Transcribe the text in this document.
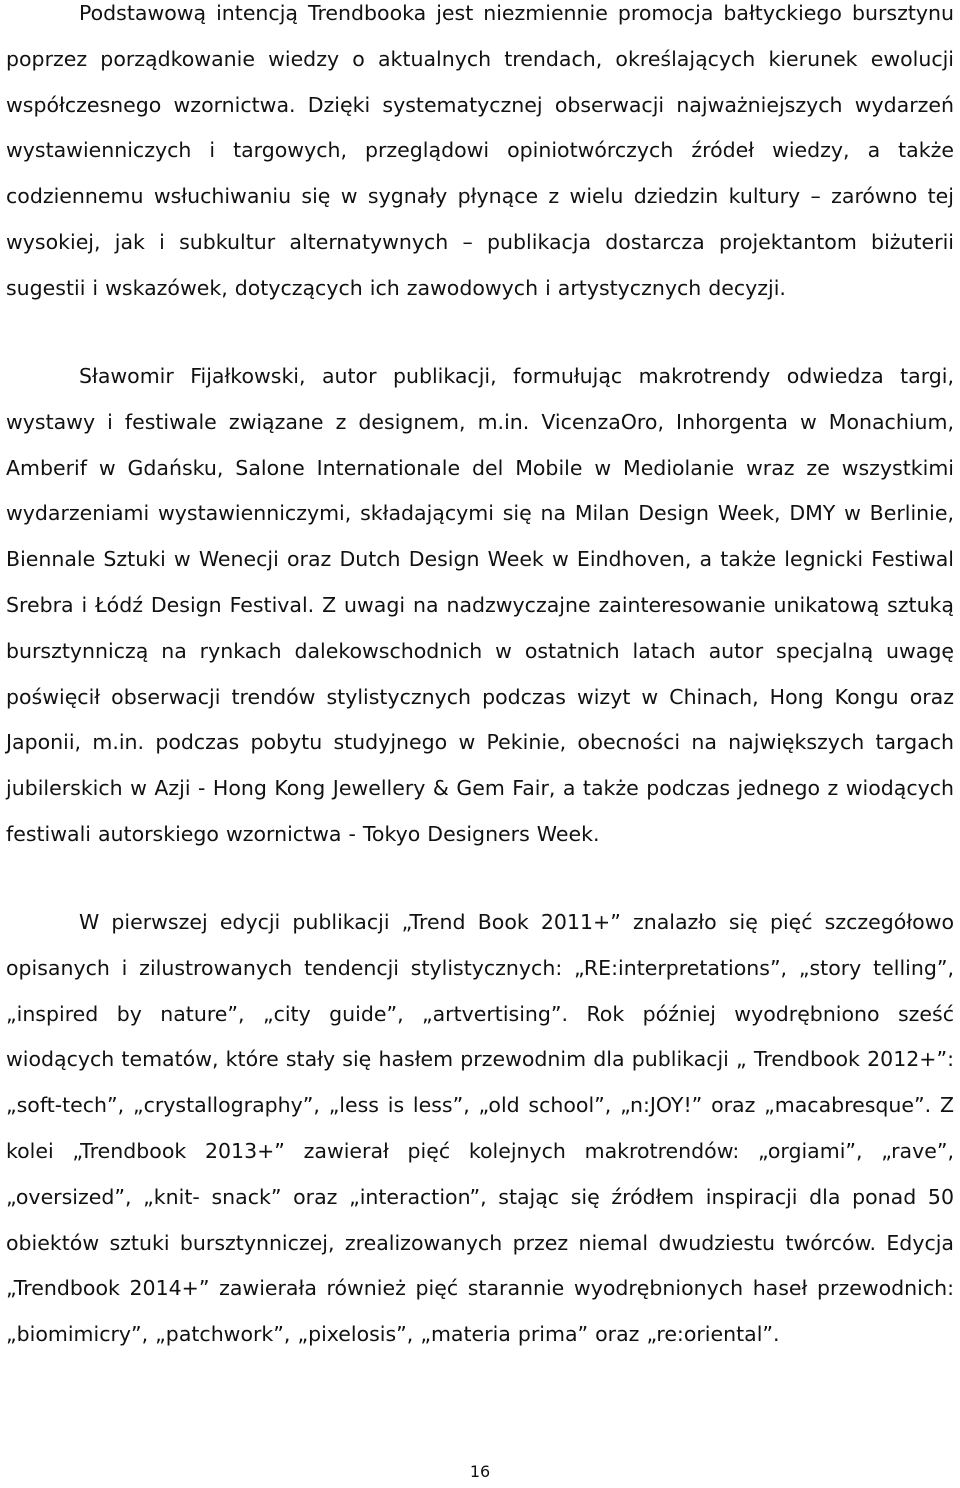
Podstawową intencją Trendbooka jest niezmiennie promocja bałtyckiego bursztynu poprzez porządkowanie wiedzy o aktualnych trendach, określających kierunek ewolucji współczesnego wzornictwa. Dzięki systematycznej obserwacji najważniejszych wydarzeń wystawienniczych i targowych, przeglądowi opiniotwórczych źródeł wiedzy, a także codziennemu wsłuchiwaniu się w sygnały płynące z wielu dziedzin kultury – zarówno tej wysokiej, jak i subkultur alternatywnych – publikacja dostarcza projektantom biżuterii sugestii i wskazówek, dotyczących ich zawodowych i artystycznych decyzji.

Sławomir Fijałkowski, autor publikacji, formułując makrotrendy odwiedza targi, wystawy i festiwale związane z designem, m.in. VicenzaOro, Inhorgenta w Monachium, Amberif w Gdańsku, Salone Internationale del Mobile w Mediolanie wraz ze wszystkimi wydarzeniami wystawienniczymi, składającymi się na Milan Design Week, DMY w Berlinie, Biennale Sztuki w Wenecji oraz Dutch Design Week w Eindhoven, a także legnicki Festiwal Srebra i Łódź Design Festival. Z uwagi na nadzwyczajne zainteresowanie unikatową sztuką bursztynniczą na rynkach dalekowschodnich w ostatnich latach autor specjalną uwagę poświęcił obserwacji trendów stylistycznych podczas wizyt w Chinach, Hong Kongu oraz Japonii, m.in. podczas pobytu studyjnego w Pekinie, obecności na największych targach jubilerskich w Azji - Hong Kong Jewellery & Gem Fair, a także podczas jednego z wiodących festiwali autorskiego wzornictwa - Tokyo Designers Week.

W pierwszej edycji publikacji „Trend Book 2011+” znalazło się pięć szczegółowo opisanych i zilustrowanych tendencji stylistycznych: „RE:interpretations”, „story telling”, „inspired by nature”, „city guide”, „artvertising”. Rok później wyodrębniono sześć wiodących tematów, które stały się hasłem przewodnim dla publikacji „ Trendbook 2012+”: „soft-tech”, „crystallography”, „less is less”, „old school”, „n:JOY!” oraz „macabresque”. Z kolei „Trendbook 2013+” zawierał pięć kolejnych makrotrendów: „orgiami”, „rave”, „oversized”, „knit- snack” oraz „interaction”, stając się źródłem inspiracji dla ponad 50 obiektów sztuki bursztynniczej, zrealizowanych przez niemal dwudziestu twórców. Edycja „Trendbook 2014+” zawierała również pięć starannie wyodrębnionych haseł przewodnich: „biomimicry”, „patchwork”, „pixelosis”, „materia prima” oraz „re:oriental”.

16
